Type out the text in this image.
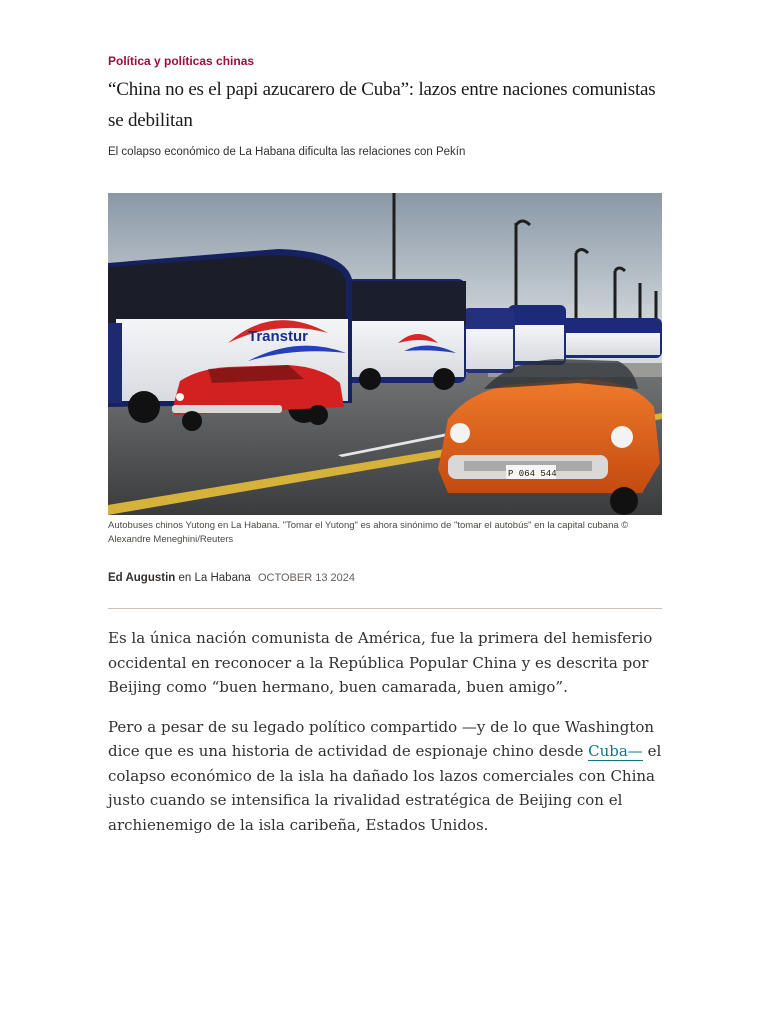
Política y políticas chinas
“China no es el papi azucarero de Cuba”: lazos entre naciones comunistas se debilitan

El colapso económico de La Habana dificulta las relaciones con Pekín

Transtur
P 064 544
Autobuses chinos Yutong en La Habana. "Tomar el Yutong" es ahora sinónimo de "tomar el autobús" en la capital cubana © Alexandre Meneghini/Reuters
Ed Augustin en La Habana OCTOBER 13 2024

Es la única nación comunista de América, fue la primera del hemisferio occidental en reconocer a la República Popular China y es descrita por Beijing como “buen hermano, buen camarada, buen amigo”.

Pero a pesar de su legado político compartido —y de lo que Washington dice que es una historia de actividad de espionaje chino desde Cuba— el colapso económico de la isla ha dañado los lazos comerciales con China justo cuando se intensifica la rivalidad estratégica de Beijing con el archienemigo de la isla caribeña, Estados Unidos.
